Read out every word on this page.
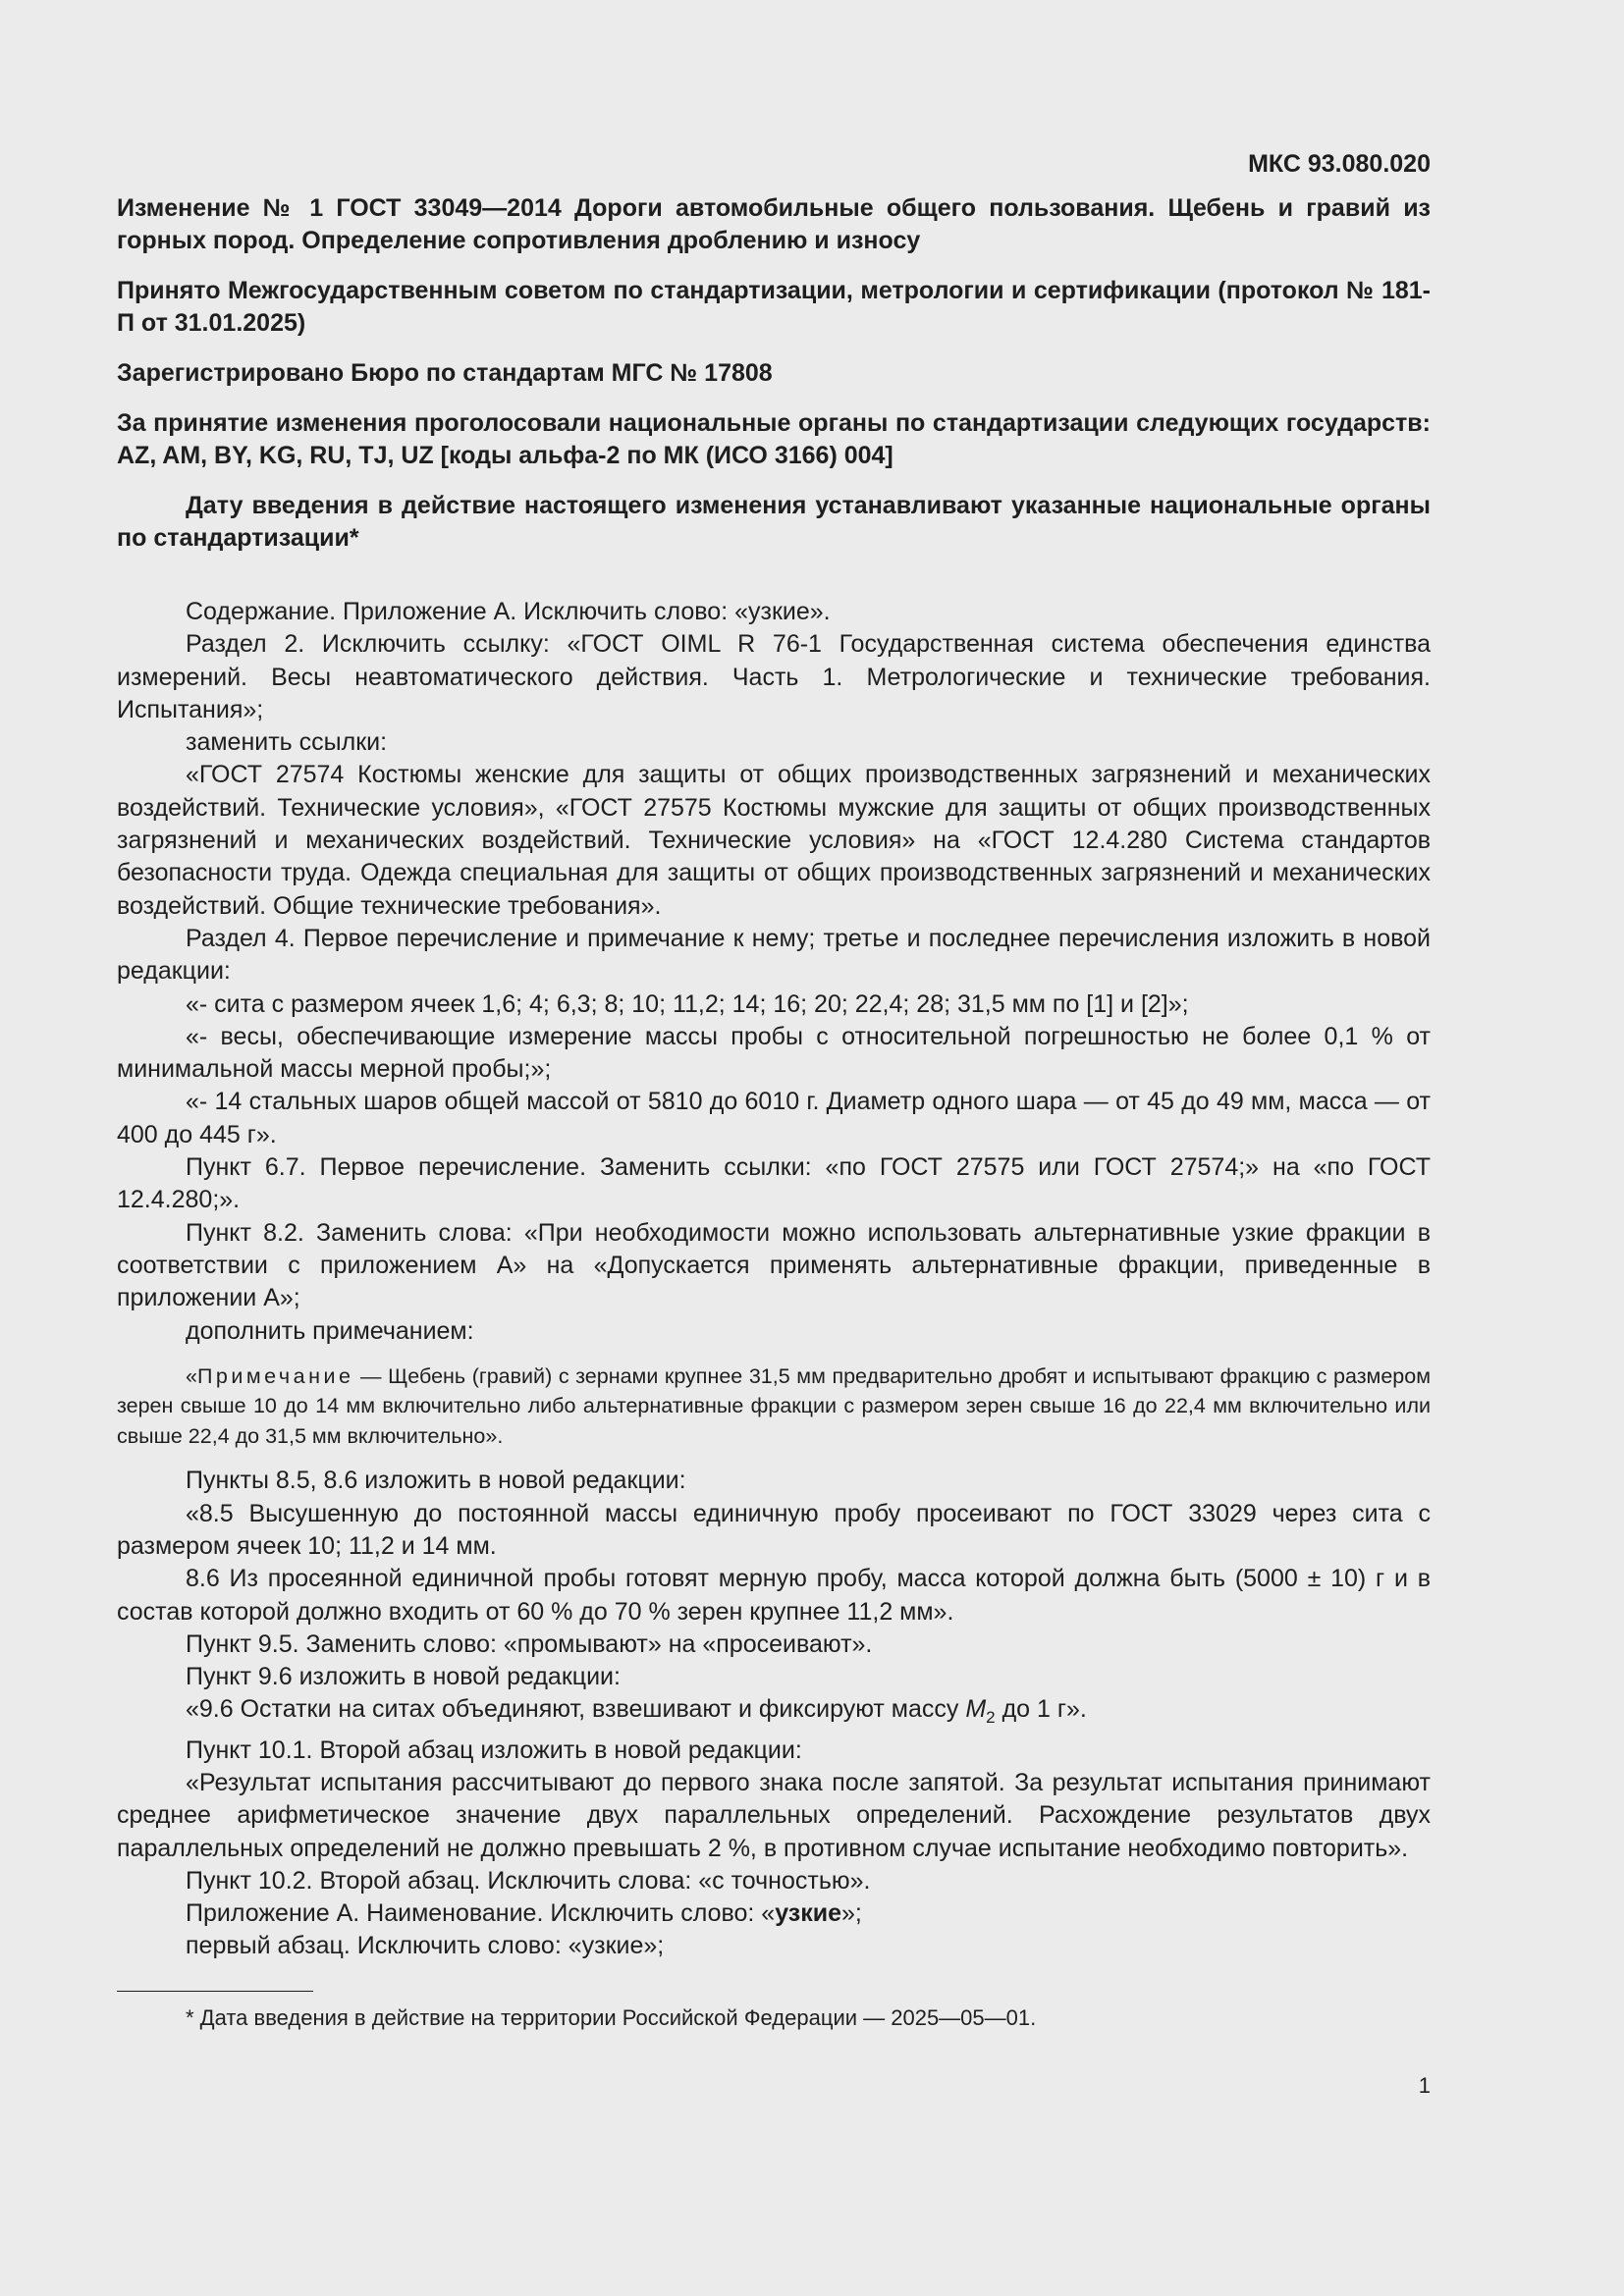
МКС 93.080.020
Изменение № 1 ГОСТ 33049—2014 Дороги автомобильные общего пользования. Щебень и гравий из горных пород. Определение сопротивления дроблению и износу
Принято Межгосударственным советом по стандартизации, метрологии и сертификации (протокол № 181-П от 31.01.2025)
Зарегистрировано Бюро по стандартам МГС № 17808
За принятие изменения проголосовали национальные органы по стандартизации следующих государств: AZ, AM, BY, KG, RU, TJ, UZ [коды альфа-2 по МК (ИСО 3166) 004]
Дату введения в действие настоящего изменения устанавливают указанные национальные органы по стандартизации*

Содержание. Приложение А. Исключить слово: «узкие».

Раздел 2. Исключить ссылку: «ГОСТ OIML R 76-1 Государственная система обеспечения единства измерений. Весы неавтоматического действия. Часть 1. Метрологические и технические требования. Испытания»;

заменить ссылки:

«ГОСТ 27574 Костюмы женские для защиты от общих производственных загрязнений и механических воздействий. Технические условия», «ГОСТ 27575 Костюмы мужские для защиты от общих производственных загрязнений и механических воздействий. Технические условия» на «ГОСТ 12.4.280 Система стандартов безопасности труда. Одежда специальная для защиты от общих производственных загрязнений и механических воздействий. Общие технические требования».

Раздел 4. Первое перечисление и примечание к нему; третье и последнее перечисления изложить в новой редакции:

«- сита с размером ячеек 1,6; 4; 6,3; 8; 10; 11,2; 14; 16; 20; 22,4; 28; 31,5 мм по [1] и [2]»;

«- весы, обеспечивающие измерение массы пробы с относительной погрешностью не более 0,1 % от минимальной массы мерной пробы;»;

«- 14 стальных шаров общей массой от 5810 до 6010 г. Диаметр одного шара — от 45 до 49 мм, масса — от 400 до 445 г».

Пункт 6.7. Первое перечисление. Заменить ссылки: «по ГОСТ 27575 или ГОСТ 27574;» на «по ГОСТ 12.4.280;».

Пункт 8.2. Заменить слова: «При необходимости можно использовать альтернативные узкие фракции в соответствии с приложением А» на «Допускается применять альтернативные фракции, приведенные в приложении А»;

дополнить примечанием:

«Примечание — Щебень (гравий) с зернами крупнее 31,5 мм предварительно дробят и испытывают фракцию с размером зерен свыше 10 до 14 мм включительно либо альтернативные фракции с размером зерен свыше 16 до 22,4 мм включительно или свыше 22,4 до 31,5 мм включительно».

Пункты 8.5, 8.6 изложить в новой редакции:

«8.5 Высушенную до постоянной массы единичную пробу просеивают по ГОСТ 33029 через сита с размером ячеек 10; 11,2 и 14 мм.

8.6 Из просеянной единичной пробы готовят мерную пробу, масса которой должна быть (5000 ± 10) г и в состав которой должно входить от 60 % до 70 % зерен крупнее 11,2 мм».

Пункт 9.5. Заменить слово: «промывают» на «просеивают».

Пункт 9.6 изложить в новой редакции:

«9.6 Остатки на ситах объединяют, взвешивают и фиксируют массу $M_2$ до 1 г».

Пункт 10.1. Второй абзац изложить в новой редакции:

«Результат испытания рассчитывают до первого знака после запятой. За результат испытания принимают среднее арифметическое значение двух параллельных определений. Расхождение результатов двух параллельных определений не должно превышать 2 %, в противном случае испытание необходимо повторить».

Пункт 10.2. Второй абзац. Исключить слова: «с точностью».

Приложение А. Наименование. Исключить слово: «узкие»;

первый абзац. Исключить слово: «узкие»;

* Дата введения в действие на территории Российской Федерации — 2025—05—01.

1
